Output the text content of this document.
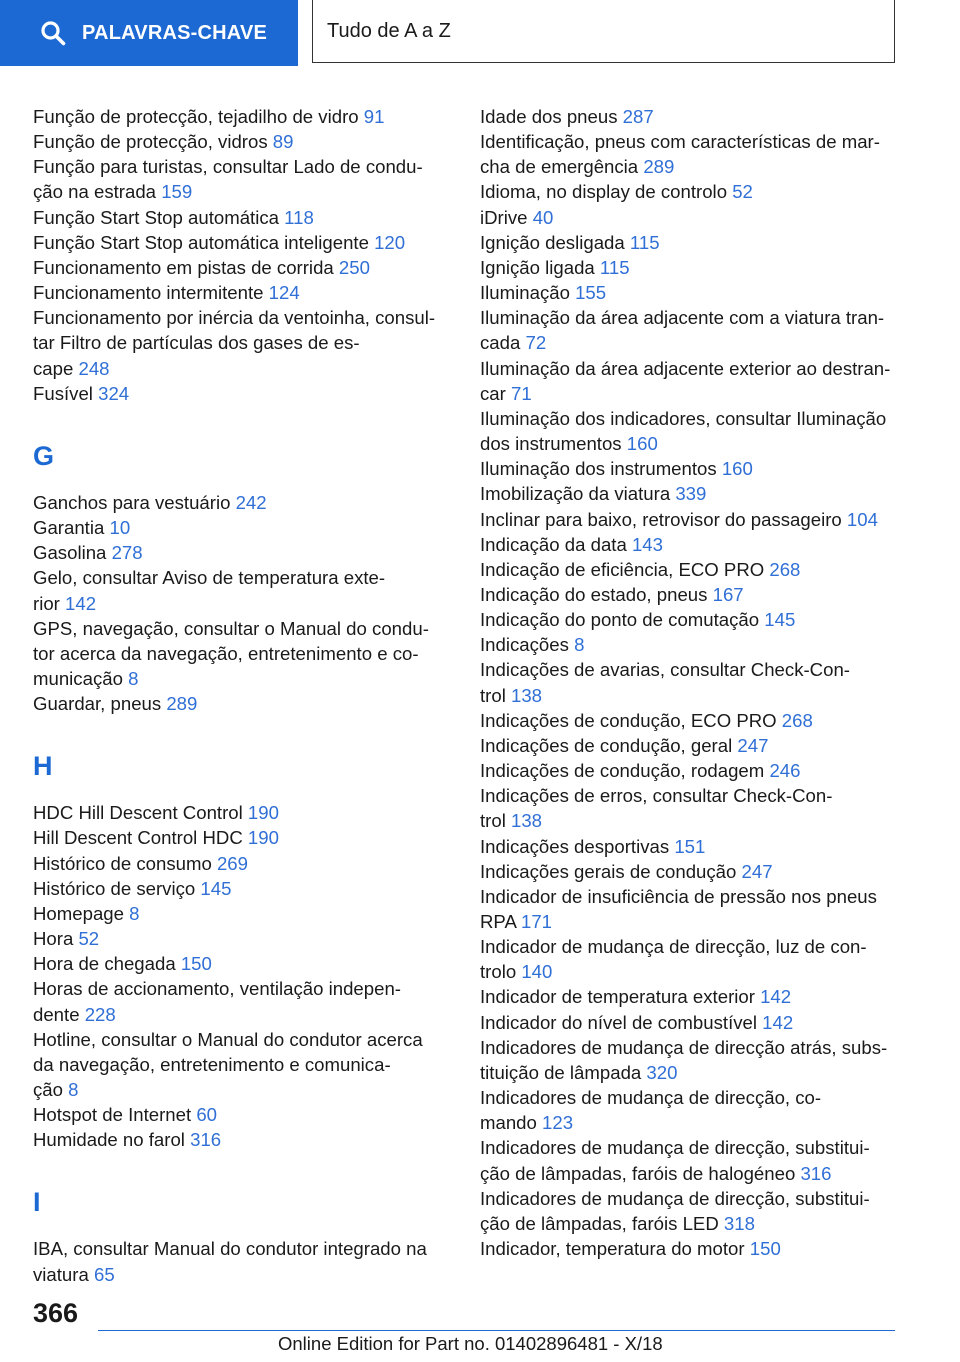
PALAVRAS-CHAVE	Tudo de A a Z
Função de protecção, tejadilho de vidro 91
Função de protecção, vidros 89
Função para turistas, consultar Lado de condu-
ção na estrada 159
Função Start Stop automática 118
Função Start Stop automática inteligente 120
Funcionamento em pistas de corrida 250
Funcionamento intermitente 124
Funcionamento por inércia da ventoinha, consul-
tar Filtro de partículas dos gases de es-
cape 248
Fusível 324
G
Ganchos para vestuário 242
Garantia 10
Gasolina 278
Gelo, consultar Aviso de temperatura exte-
rior 142
GPS, navegação, consultar o Manual do condu-
tor acerca da navegação, entretenimento e co-
municação 8
Guardar, pneus 289
H
HDC Hill Descent Control 190
Hill Descent Control HDC 190
Histórico de consumo 269
Histórico de serviço 145
Homepage 8
Hora 52
Hora de chegada 150
Horas de accionamento, ventilação indepen-
dente 228
Hotline, consultar o Manual do condutor acerca
da navegação, entretenimento e comunica-
ção 8
Hotspot de Internet 60
Humidade no farol 316
I
IBA, consultar Manual do condutor integrado na
viatura 65
Idade dos pneus 287
Identificação, pneus com características de mar-
cha de emergência 289
Idioma, no display de controlo 52
iDrive 40
Ignição desligada 115
Ignição ligada 115
Iluminação 155
Iluminação da área adjacente com a viatura tran-
cada 72
Iluminação da área adjacente exterior ao destran-
car 71
Iluminação dos indicadores, consultar Iluminação
dos instrumentos 160
Iluminação dos instrumentos 160
Imobilização da viatura 339
Inclinar para baixo, retrovisor do passageiro 104
Indicação da data 143
Indicação de eficiência, ECO PRO 268
Indicação do estado, pneus 167
Indicação do ponto de comutação 145
Indicações 8
Indicações de avarias, consultar Check-Con-
trol 138
Indicações de condução, ECO PRO 268
Indicações de condução, geral 247
Indicações de condução, rodagem 246
Indicações de erros, consultar Check-Con-
trol 138
Indicações desportivas 151
Indicações gerais de condução 247
Indicador de insuficiência de pressão nos pneus
RPA 171
Indicador de mudança de direcção, luz de con-
trolo 140
Indicador de temperatura exterior 142
Indicador do nível de combustível 142
Indicadores de mudança de direcção atrás, subs-
tituição de lâmpada 320
Indicadores de mudança de direcção, co-
mando 123
Indicadores de mudança de direcção, substitui-
ção de lâmpadas, faróis de halogéneo 316
Indicadores de mudança de direcção, substitui-
ção de lâmpadas, faróis LED 318
Indicador, temperatura do motor 150
366
Online Edition for Part no. 01402896481 - X/18
